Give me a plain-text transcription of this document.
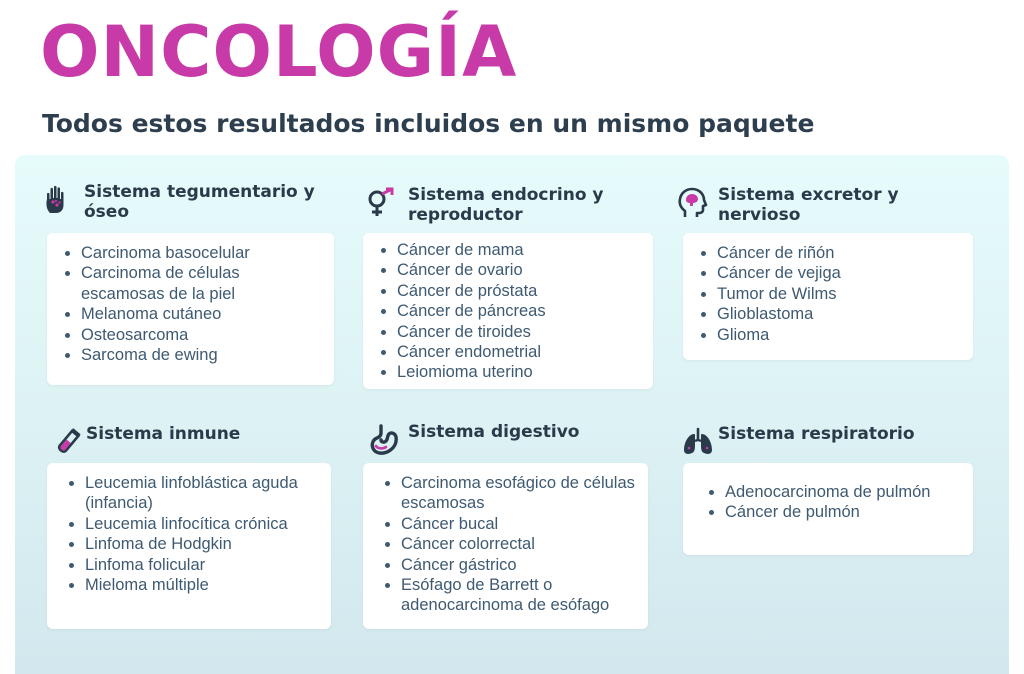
ONCOLOGÍA
Todos estos resultados incluidos en un mismo paquete
Sistema tegumentario y óseo
• Carcinoma basocelular
• Carcinoma de células escamosas de la piel
• Melanoma cutáneo
• Osteosarcoma
• Sarcoma de ewing
Sistema endocrino y reproductor
• Cáncer de mama
• Cáncer de ovario
• Cáncer de próstata
• Cáncer de páncreas
• Cáncer de tiroides
• Cáncer endometrial
• Leiomioma uterino
Sistema excretor y nervioso
• Cáncer de riñón
• Cáncer de vejiga
• Tumor de Wilms
• Glioblastoma
• Glioma
Sistema inmune
• Leucemia linfoblástica aguda (infancia)
• Leucemia linfocítica crónica
• Linfoma de Hodgkin
• Linfoma folicular
• Mieloma múltiple
Sistema digestivo
• Carcinoma esofágico de células escamosas
• Cáncer bucal
• Cáncer colorrectal
• Cáncer gástrico
• Esófago de Barrett o adenocarcinoma de esófago
Sistema respiratorio
• Adenocarcinoma de pulmón
• Cáncer de pulmón
